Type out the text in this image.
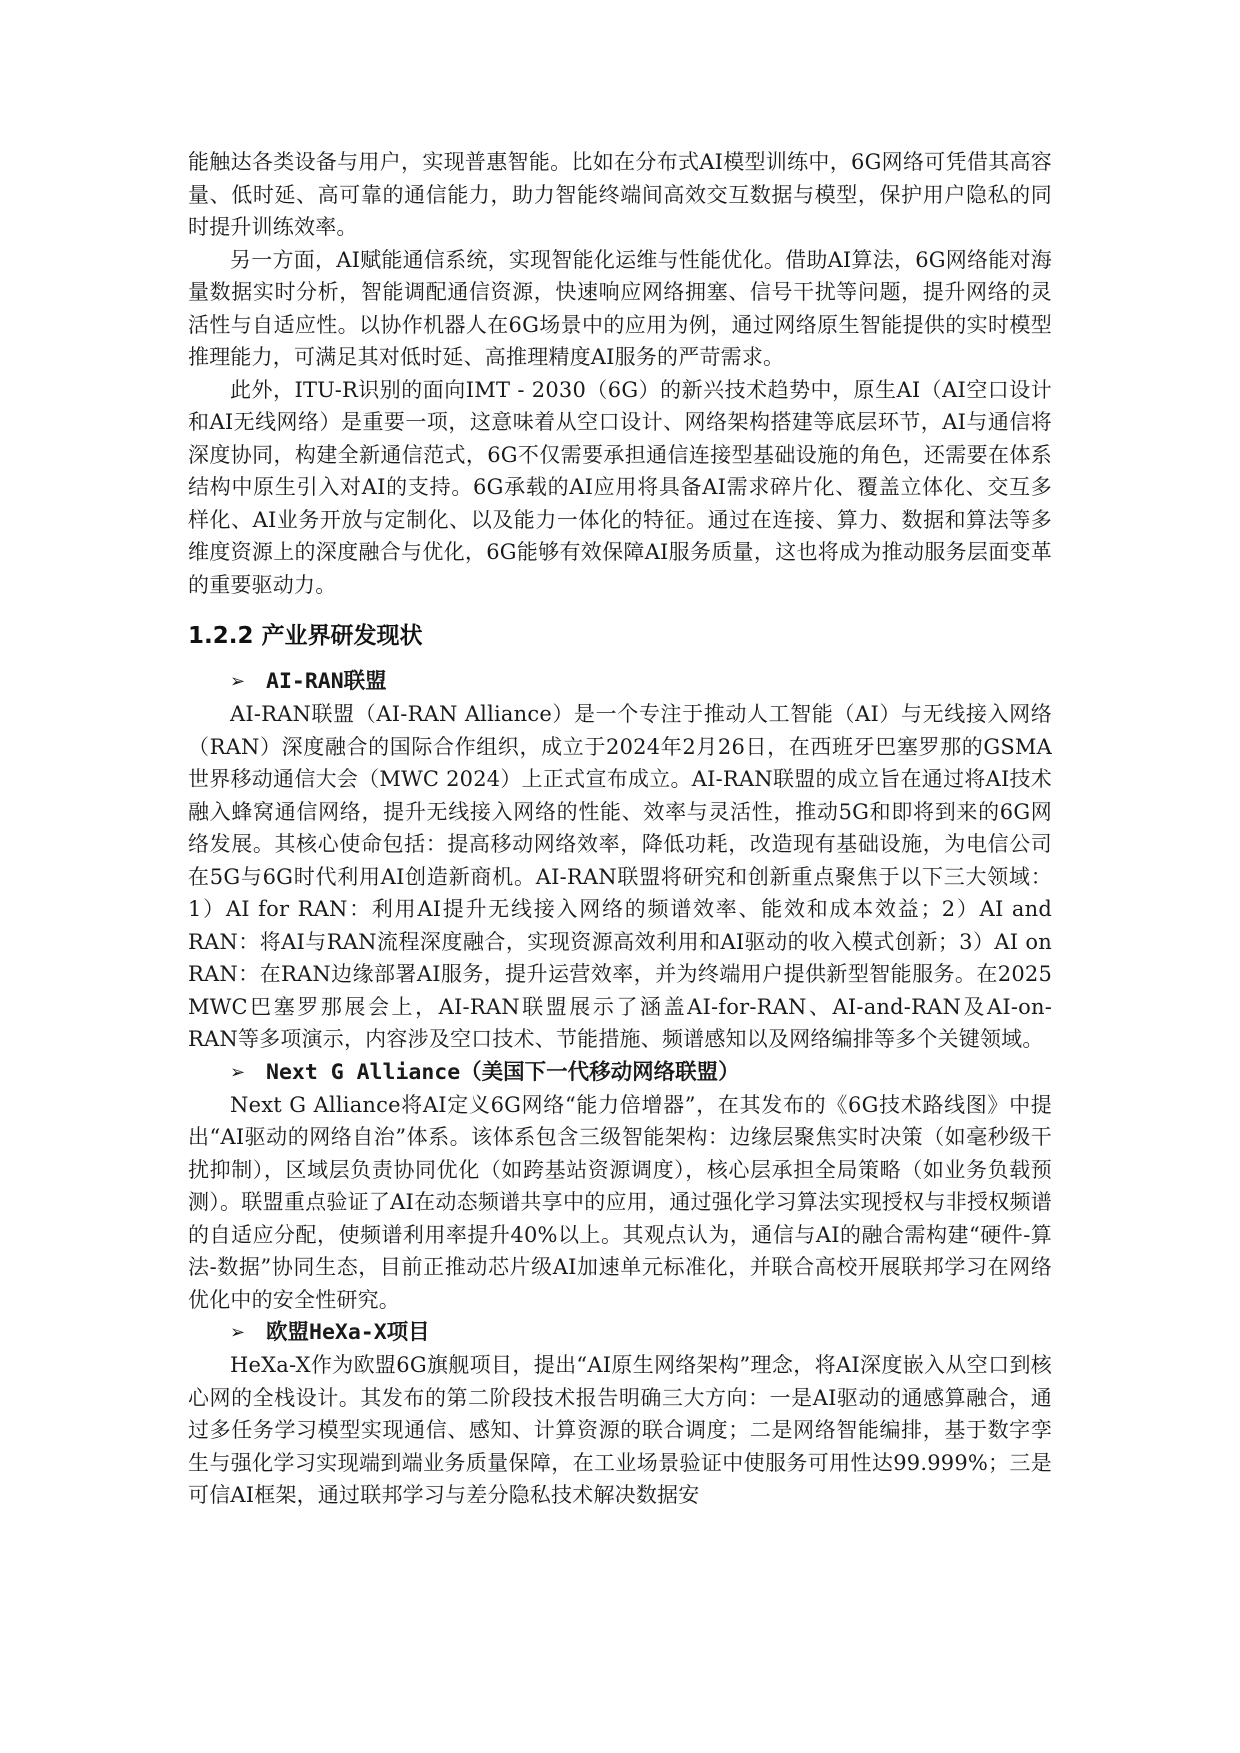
能触达各类设备与用户，实现普惠智能。比如在分布式AI模型训练中，6G网络可凭借其高容量、低时延、高可靠的通信能力，助力智能终端间高效交互数据与模型，保护用户隐私的同时提升训练效率。

另一方面，AI赋能通信系统，实现智能化运维与性能优化。借助AI算法，6G网络能对海量数据实时分析，智能调配通信资源，快速响应网络拥塞、信号干扰等问题，提升网络的灵活性与自适应性。以协作机器人在6G场景中的应用为例，通过网络原生智能提供的实时模型推理能力，可满足其对低时延、高推理精度AI服务的严苛需求。

此外，ITU-R识别的面向IMT - 2030（6G）的新兴技术趋势中，原生AI（AI空口设计和AI无线网络）是重要一项，这意味着从空口设计、网络架构搭建等底层环节，AI与通信将深度协同，构建全新通信范式，6G不仅需要承担通信连接型基础设施的角色，还需要在体系结构中原生引入对AI的支持。6G承载的AI应用将具备AI需求碎片化、覆盖立体化、交互多样化、AI业务开放与定制化、以及能力一体化的特征。通过在连接、算力、数据和算法等多维度资源上的深度融合与优化，6G能够有效保障AI服务质量，这也将成为推动服务层面变革的重要驱动力。

1.2.2 产业界研发现状
➢ AI-RAN联盟

AI-RAN联盟（AI-RAN Alliance）是一个专注于推动人工智能（AI）与无线接入网络（RAN）深度融合的国际合作组织，成立于2024年2月26日，在西班牙巴塞罗那的GSMA世界移动通信大会（MWC 2024）上正式宣布成立。AI-RAN联盟的成立旨在通过将AI技术融入蜂窝通信网络，提升无线接入网络的性能、效率与灵活性，推动5G和即将到来的6G网络发展。其核心使命包括：提高移动网络效率，降低功耗，改造现有基础设施，为电信公司在5G与6G时代利用AI创造新商机。AI-RAN联盟将研究和创新重点聚焦于以下三大领域：1）AI for RAN：利用AI提升无线接入网络的频谱效率、能效和成本效益；2）AI and RAN：将AI与RAN流程深度融合，实现资源高效利用和AI驱动的收入模式创新；3）AI on RAN：在RAN边缘部署AI服务，提升运营效率，并为终端用户提供新型智能服务。在2025 MWC巴塞罗那展会上，AI-RAN联盟展示了涵盖AI-for-RAN、AI-and-RAN及AI-on-RAN等多项演示，内容涉及空口技术、节能措施、频谱感知以及网络编排等多个关键领域。

➢ Next G Alliance（美国下一代移动网络联盟）

Next G Alliance将AI定义6G网络“能力倍增器”，在其发布的《6G技术路线图》中提出“AI驱动的网络自治”体系。该体系包含三级智能架构：边缘层聚焦实时决策（如毫秒级干扰抑制），区域层负责协同优化（如跨基站资源调度），核心层承担全局策略（如业务负载预测）。联盟重点验证了AI在动态频谱共享中的应用，通过强化学习算法实现授权与非授权频谱的自适应分配，使频谱利用率提升40%以上。其观点认为，通信与AI的融合需构建“硬件-算法-数据”协同生态，目前正推动芯片级AI加速单元标准化，并联合高校开展联邦学习在网络优化中的安全性研究。

➢ 欧盟HeXa-X项目

HeXa-X作为欧盟6G旗舰项目，提出“AI原生网络架构”理念，将AI深度嵌入从空口到核心网的全栈设计。其发布的第二阶段技术报告明确三大方向：一是AI驱动的通感算融合，通过多任务学习模型实现通信、感知、计算资源的联合调度；二是网络智能编排，基于数字孪生与强化学习实现端到端业务质量保障，在工业场景验证中使服务可用性达99.999%；三是可信AI框架，通过联邦学习与差分隐私技术解决数据安
